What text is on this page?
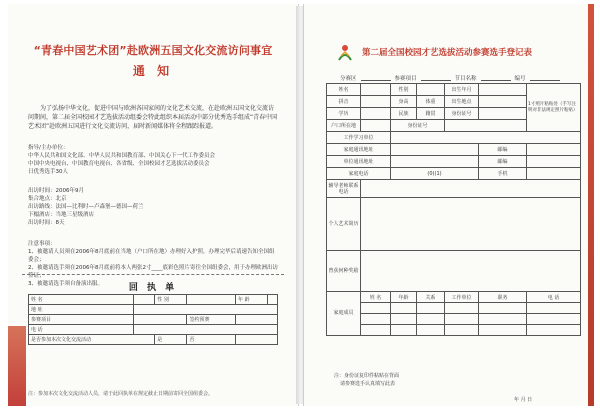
“青春中国艺术团”赴欧洲五国文化交流访问事宜
通 知

为了弘扬中华文化，促进中国与欧洲各国家间的文化艺术交流，在赴欧洲五国文化交流访问期间，第二届全国校园才艺选拔活动组委会特此组织本届活动中部分优秀选手组成“青春中国艺术团”赴欧洲五国进行文化交流访问，届时新闻媒体将全程跟踪报道。

指导/主办单位：
中华人民共和国文化部、中华人民共和国教育部、中国关心下一代工作委员会
中国中央电视台、中国教育电视台、各省级、全国校园才艺选拔活动委员会
日优秀选手30人
出访时间：2006年9月
集合地点：北京
出访路线：法国—比利时—卢森堡—德国—荷兰
下榻酒店：当地三星级酒店
出访时间：8天
注意事项：
1、被邀请人员须在2006年8月底前在当地（户口所在地）办理好入护照，办理完毕后请速告知全国组委会；
2、被邀请选手须在2006年8月底前将本人两张2寸____底彩色照片寄往全国组委会，用于办理欧洲出访签证；
3、被邀请选手须自备演出服。	回 执 单
姓 名		性 别		年 龄	
地 址					
参赛项目			签约预赛		
电 话					
是否参加本次文化交流活动		是	否		
注：参加本次文化交流活动人员，请于此回执单在规定截止日期前寄回全国组委会。
第二届全国校园才艺选拔活动参赛选手登记表
分赛区	参赛项目	节目名称	编号
姓名		性别		出生年月		1寸照片粘贴处（手写注明对非法规定照片粘贴）
拼音		身高	体重	出生地点		
学历		民族	籍贯	身份证号		
户口所在地		身份证号				
工作学习单位						
家庭通讯地址					邮编	
单位通讯地址					邮编	
家庭电话		(0)(1)			手机	
辅导老师联系电话						
个人艺术简历						
曾获何种奖励						
家庭成员	姓 名	年龄	关系	工作单位	职务	电 话

注：身份证复印件粘贴在背面
请参赛选手认真填写此表
年 月 日
